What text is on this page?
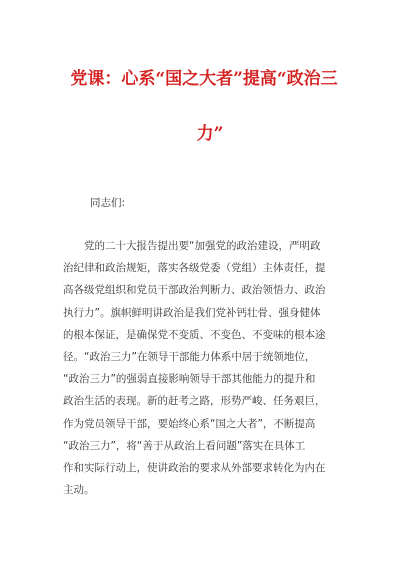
党课：心系“国之大者”提高“政治三
力”
同志们:
　　党的二十大报告提出要“加强党的政治建设，严明政
治纪律和政治规矩，落实各级党委（党组）主体责任，提
高各级党组织和党员干部政治判断力、政治领悟力、政治
执行力”。旗帜鲜明讲政治是我们党补钙壮骨、强身健体
的根本保证，是确保党不变质、不变色、不变味的根本途
径。“政治三力”在领导干部能力体系中居于统领地位，
“政治三力”的强弱直接影响领导干部其他能力的提升和
政治生活的表现。新的赶考之路，形势严峻、任务艰巨，
作为党员领导干部，要始终心系“国之大者”，不断提高
“政治三力”，将“善于从政治上看问题”落实在具体工
作和实际行动上，使讲政治的要求从外部要求转化为内在
主动。
